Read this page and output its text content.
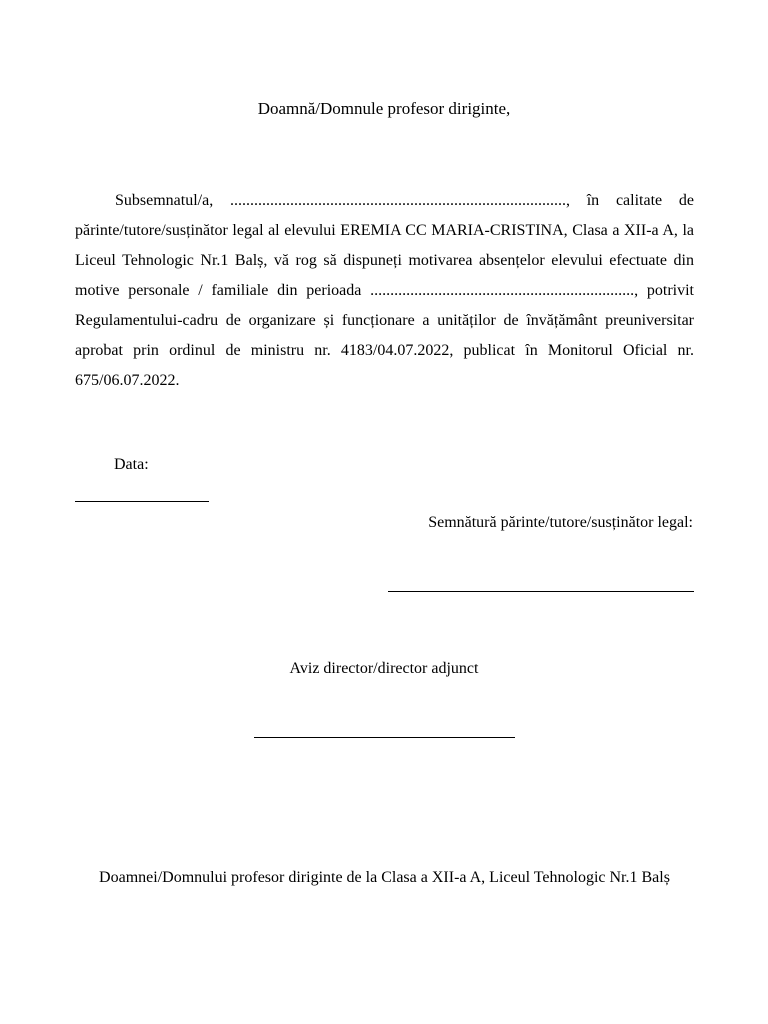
Doamnă/Domnule profesor diriginte,

Subsemnatul/a, ...................................................................................., în calitate de părinte/tutore/susținător legal al elevului EREMIA CC MARIA-CRISTINA, Clasa a XII-a A, la Liceul Tehnologic Nr.1 Balș, vă rog să dispuneți motivarea absențelor elevului efectuate din motive personale / familiale din perioada .................................................................., potrivit Regulamentului-cadru de organizare și funcționare a unităților de învățământ preuniversitar aprobat prin ordinul de ministru nr. 4183/04.07.2022, publicat în Monitorul Oficial nr. 675/06.07.2022.

Data:
Semnătură părinte/tutore/susținător legal:
Aviz director/director adjunct
Doamnei/Domnului profesor diriginte de la Clasa a XII-a A, Liceul Tehnologic Nr.1 Balș
